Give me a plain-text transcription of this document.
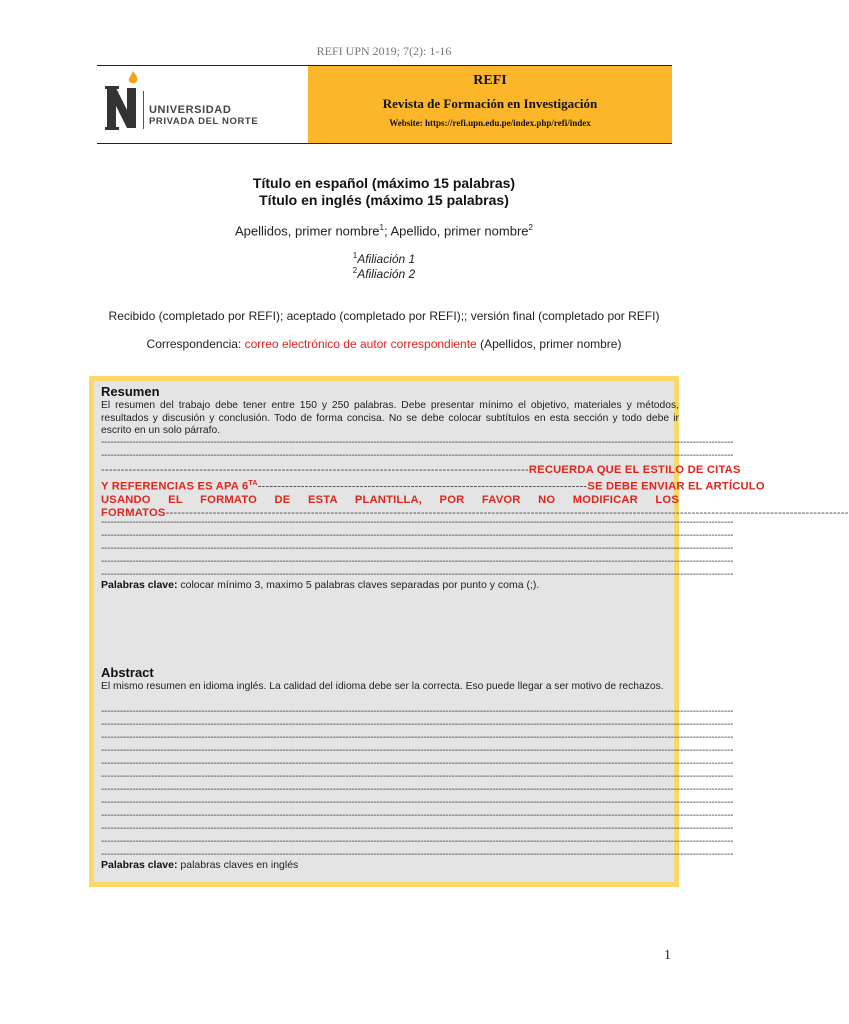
REFI UPN 2019; 7(2): 1-16
UNIVERSIDAD
PRIVADA DEL NORTE
REFI
Revista de Formación en Investigación
Website: https://refi.upn.edu.pe/index.php/refi/index
Título en español (máximo 15 palabras)
Título en inglés (máximo 15 palabras)
Apellidos, primer nombre$^1$; Apellido, primer nombre$^2$
$^1$Afiliación 1
$^2$Afiliación 2
Recibido (completado por REFI); aceptado (completado por REFI);; versión final (completado por REFI)
Correspondencia: correo electrónico de autor correspondiente (Apellidos, primer nombre)
Resumen
El resumen del trabajo debe tener entre 150 y 250 palabras. Debe presentar mínimo el objetivo, materiales y métodos, resultados y discusión y conclusión. Todo de forma concisa. No se debe colocar subtítulos en esta sección y todo debe ir escrito en un solo párrafo.
----------------------------------------------------------------------------------------------------------------------------------------------------------------------------------------------------------
----------------------------------------------------------------------------------------------------------------------------------------------------------------------------------------------------------
-------------------------------------------------------------------------------------------------------------RECUERDA QUE EL ESTILO DE CITAS
Y REFERENCIAS ES APA $6^{TA}------------------------------------------------------------------------------------SE$ DEBE ENVIAR EL ARTÍCULO
USANDO EL FORMATO DE ESTA PLANTILLA, POR FAVOR NO MODIFICAR LOS
FORMATOS------------------------------------------------------------------------------------------------------------------------------------------------------------------------------
----------------------------------------------------------------------------------------------------------------------------------------------------------------------------------------------------------
----------------------------------------------------------------------------------------------------------------------------------------------------------------------------------------------------------
----------------------------------------------------------------------------------------------------------------------------------------------------------------------------------------------------------
----------------------------------------------------------------------------------------------------------------------------------------------------------------------------------------------------------
----------------------------------------------------------------------------------------------------------------------------------------------------------------------------------------------------------
Palabras clave: colocar mínimo 3, maximo 5 palabras claves separadas por punto y coma (;).
Abstract
El mismo resumen en idioma inglés. La calidad del idioma debe ser la correcta. Eso puede llegar a ser motivo de rechazos.
----------------------------------------------------------------------------------------------------------------------------------------------------------------------------------------------------------
----------------------------------------------------------------------------------------------------------------------------------------------------------------------------------------------------------
----------------------------------------------------------------------------------------------------------------------------------------------------------------------------------------------------------
----------------------------------------------------------------------------------------------------------------------------------------------------------------------------------------------------------
----------------------------------------------------------------------------------------------------------------------------------------------------------------------------------------------------------
----------------------------------------------------------------------------------------------------------------------------------------------------------------------------------------------------------
----------------------------------------------------------------------------------------------------------------------------------------------------------------------------------------------------------
----------------------------------------------------------------------------------------------------------------------------------------------------------------------------------------------------------
----------------------------------------------------------------------------------------------------------------------------------------------------------------------------------------------------------
----------------------------------------------------------------------------------------------------------------------------------------------------------------------------------------------------------
----------------------------------------------------------------------------------------------------------------------------------------------------------------------------------------------------------
----------------------------------------------------------------------------------------------------------------------------------------------------------------------------------------------------------
Palabras clave: palabras claves en inglés
1
